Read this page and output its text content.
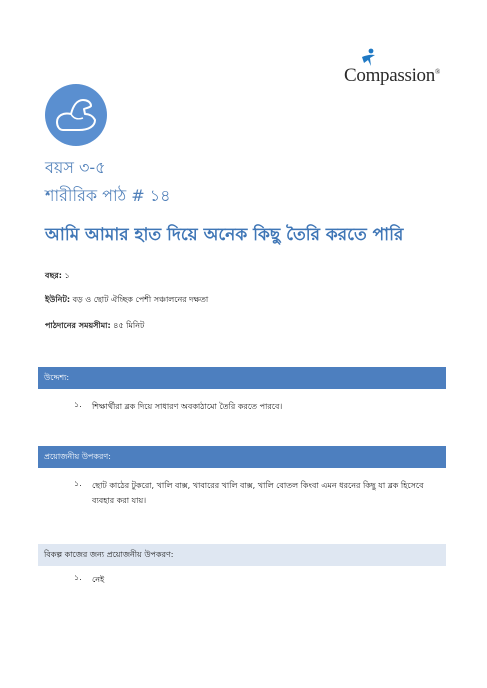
Compassion®
বয়স ৩-৫
শারীরিক পাঠ # ১৪
আমি আমার হাত দিয়ে অনেক কিছু তৈরি করতে পারি
বছর: ১
ইউনিট: বড় ও ছোট ঐচ্ছিক পেশী সঞ্চালনের দক্ষতা
পাঠদানের সময়সীমা: ৪৫ মিনিট
উদ্দেশ্য:
১. শিক্ষার্থীরা ব্লক দিয়ে সাধারণ অবকাঠামো তৈরি করতে পারবে।
প্রয়োজনীয় উপকরণ:
১. ছোট কাঠের টুকরো, খালি বাক্স, খাবারের খালি বাক্স, খালি বোতল কিংবা এমন ধরনের কিছু যা ব্লক হিসেবে ব্যবহার করা যায়।
বিকল্প কাজের জন্য প্রয়োজনীয় উপকরণ:
১. নেই
